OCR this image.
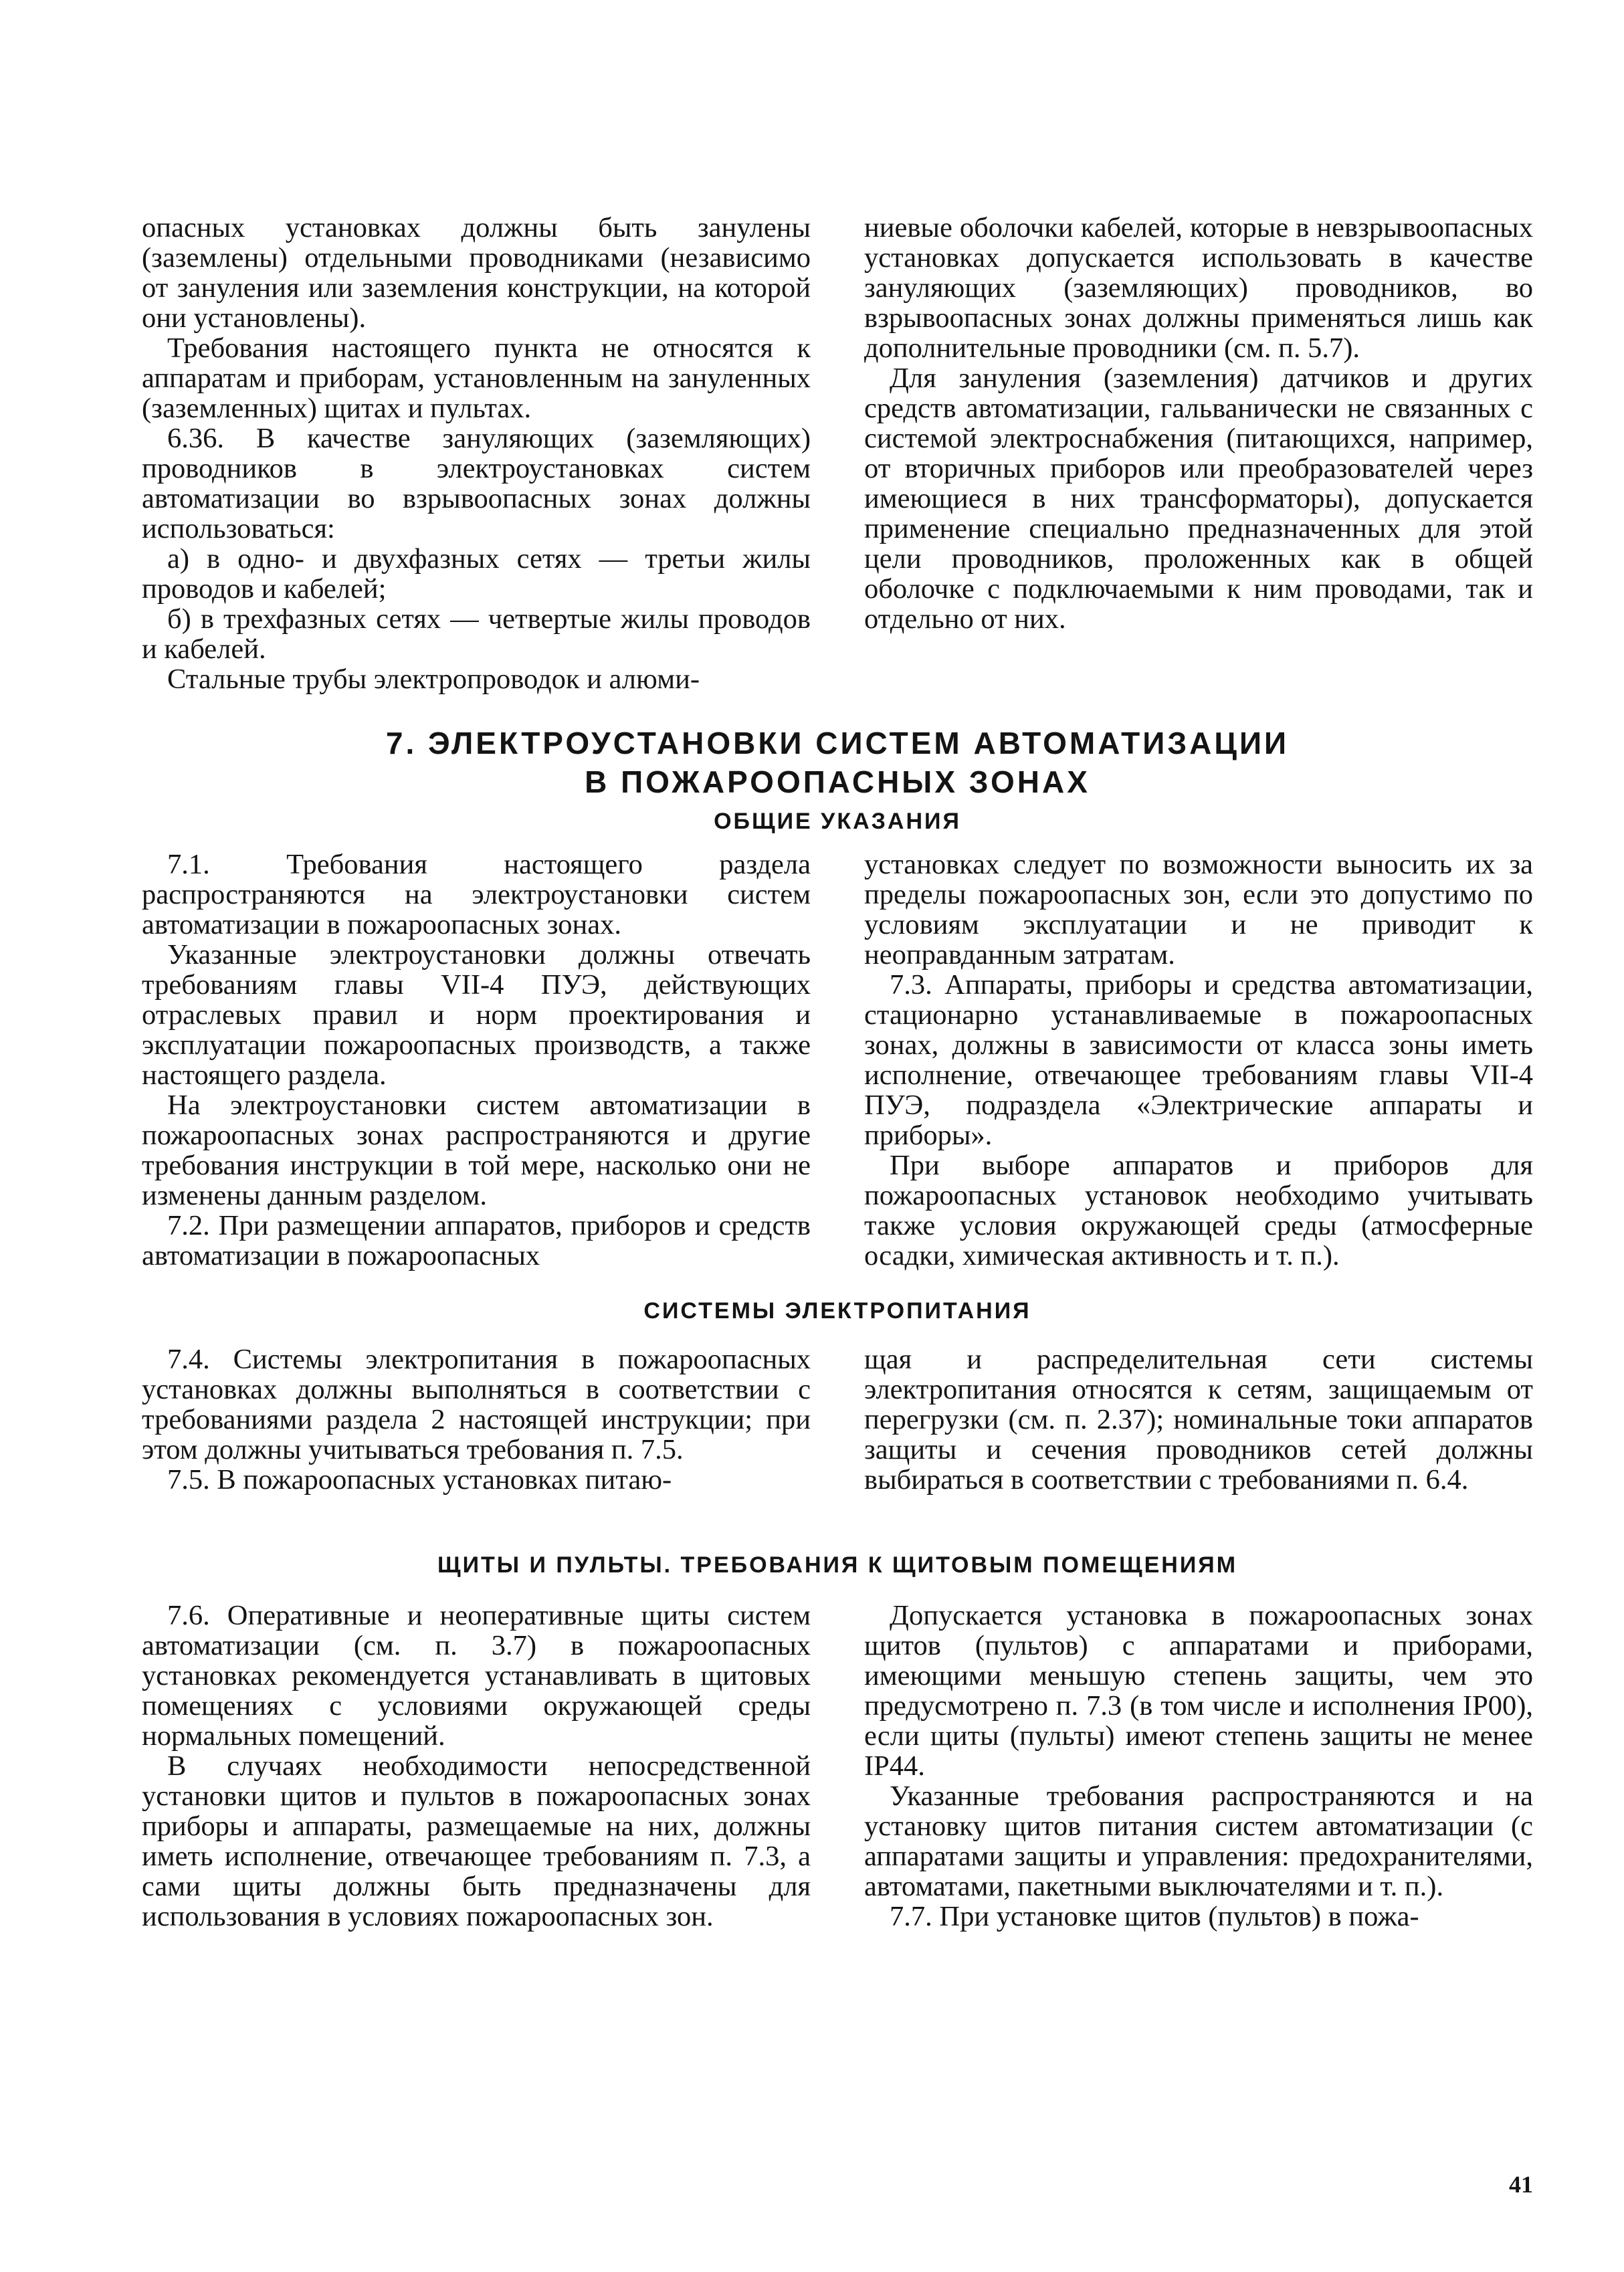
опасных установках должны быть занулены (заземлены) отдельными проводниками (независимо от зануления или заземления конструкции, на которой они установлены).

Требования настоящего пункта не относятся к аппаратам и приборам, установленным на зануленных (заземленных) щитах и пультах.

6.36. В качестве зануляющих (заземляющих) проводников в электроустановках систем автоматизации во взрывоопасных зонах должны использоваться:

а) в одно- и двухфазных сетях — третьи жилы проводов и кабелей;

б) в трехфазных сетях — четвертые жилы проводов и кабелей.

Стальные трубы электропроводок и алюми-

ниевые оболочки кабелей, которые в невзрывоопасных установках допускается использовать в качестве зануляющих (заземляющих) проводников, во взрывоопасных зонах должны применяться лишь как дополнительные проводники (см. п. 5.7).

Для зануления (заземления) датчиков и других средств автоматизации, гальванически не связанных с системой электроснабжения (питающихся, например, от вторичных приборов или преобразователей через имеющиеся в них трансформаторы), допускается применение специально предназначенных для этой цели проводников, проложенных как в общей оболочке с подключаемыми к ним проводами, так и отдельно от них.

7. ЭЛЕКТРОУСТАНОВКИ СИСТЕМ АВТОМАТИЗАЦИИ
В ПОЖАРООПАСНЫХ ЗОНАХ
ОБЩИЕ УКАЗАНИЯ

7.1. Требования настоящего раздела распространяются на электроустановки систем автоматизации в пожароопасных зонах.

Указанные электроустановки должны отвечать требованиям главы VII-4 ПУЭ, действующих отраслевых правил и норм проектирования и эксплуатации пожароопасных производств, а также настоящего раздела.

На электроустановки систем автоматизации в пожароопасных зонах распространяются и другие требования инструкции в той мере, насколько они не изменены данным разделом.

7.2. При размещении аппаратов, приборов и средств автоматизации в пожароопасных

установках следует по возможности выносить их за пределы пожароопасных зон, если это допустимо по условиям эксплуатации и не приводит к неоправданным затратам.

7.3. Аппараты, приборы и средства автоматизации, стационарно устанавливаемые в пожароопасных зонах, должны в зависимости от класса зоны иметь исполнение, отвечающее требованиям главы VII-4 ПУЭ, подраздела «Электрические аппараты и приборы».

При выборе аппаратов и приборов для пожароопасных установок необходимо учитывать также условия окружающей среды (атмосферные осадки, химическая активность и т. п.).

СИСТЕМЫ ЭЛЕКТРОПИТАНИЯ

7.4. Системы электропитания в пожароопасных установках должны выполняться в соответствии с требованиями раздела 2 настоящей инструкции; при этом должны учитываться требования п. 7.5.

7.5. В пожароопасных установках питаю-

щая и распределительная сети системы электропитания относятся к сетям, защищаемым от перегрузки (см. п. 2.37); номинальные токи аппаратов защиты и сечения проводников сетей должны выбираться в соответствии с требованиями п. 6.4.

ЩИТЫ И ПУЛЬТЫ. ТРЕБОВАНИЯ К ЩИТОВЫМ ПОМЕЩЕНИЯМ

7.6. Оперативные и неоперативные щиты систем автоматизации (см. п. 3.7) в пожароопасных установках рекомендуется устанавливать в щитовых помещениях с условиями окружающей среды нормальных помещений.

В случаях необходимости непосредственной установки щитов и пультов в пожароопасных зонах приборы и аппараты, размещаемые на них, должны иметь исполнение, отвечающее требованиям п. 7.3, а сами щиты должны быть предназначены для использования в условиях пожароопасных зон.

Допускается установка в пожароопасных зонах щитов (пультов) с аппаратами и приборами, имеющими меньшую степень защиты, чем это предусмотрено п. 7.3 (в том числе и исполнения IP00), если щиты (пульты) имеют степень защиты не менее IP44.

Указанные требования распространяются и на установку щитов питания систем автоматизации (с аппаратами защиты и управления: предохранителями, автоматами, пакетными выключателями и т. п.).

7.7. При установке щитов (пультов) в пожа-

41
